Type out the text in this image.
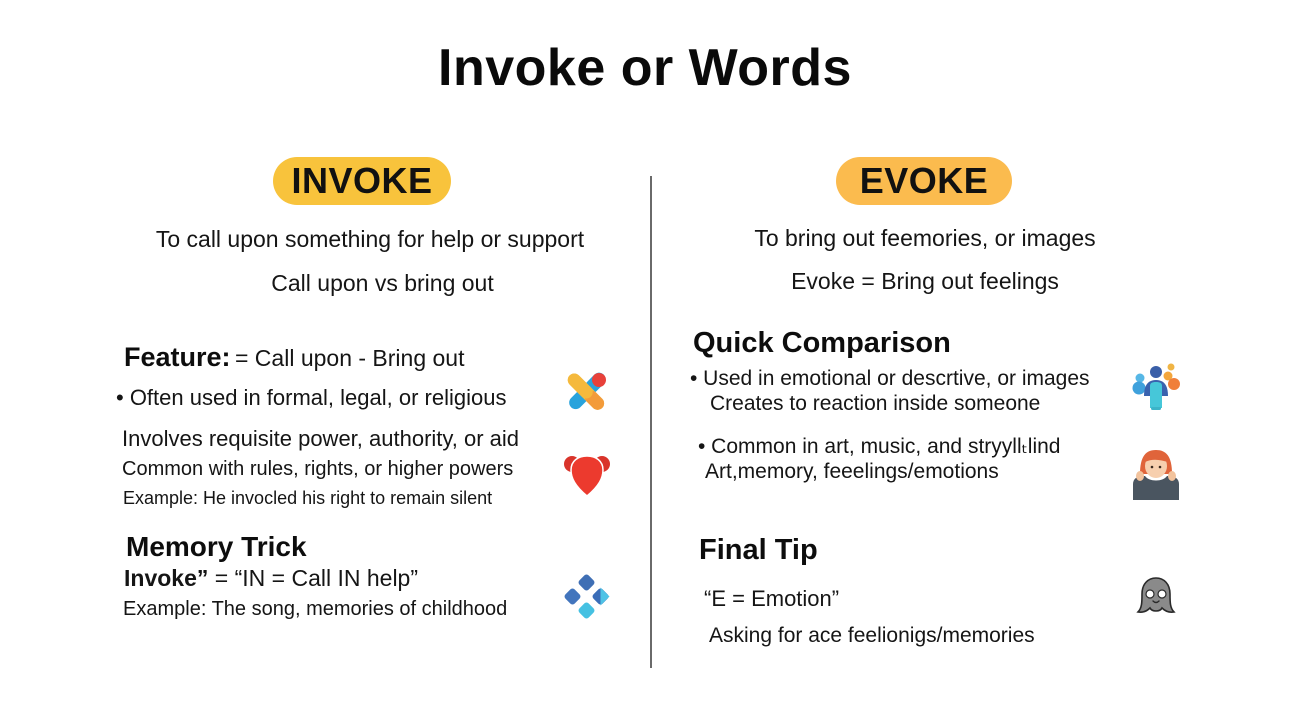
Invoke or Words
INVOKE
To call upon something for help or support
Call upon vs bring out
Feature: = Call upon - Bring out
• Often used in formal, legal, or religious
Involves requisite power, authority, or aid
Common with rules, rights, or higher powers
Example: He invocled his right to remain silent
Memory Trick
Invoke” = “IN = Call IN help”
Example: The song, memories of childhood
EVOKE
To bring out feemories, or images
Evoke = Bring out feelings
Quick Comparison
• Used in emotional or descrtive, or images
Creates to reaction inside someone
• Common in art, music, and stryyllₜlind
Art,memory, feeelings/emotions
Final Tip
“E = Emotion”
Asking for ace feelionigs/memories
